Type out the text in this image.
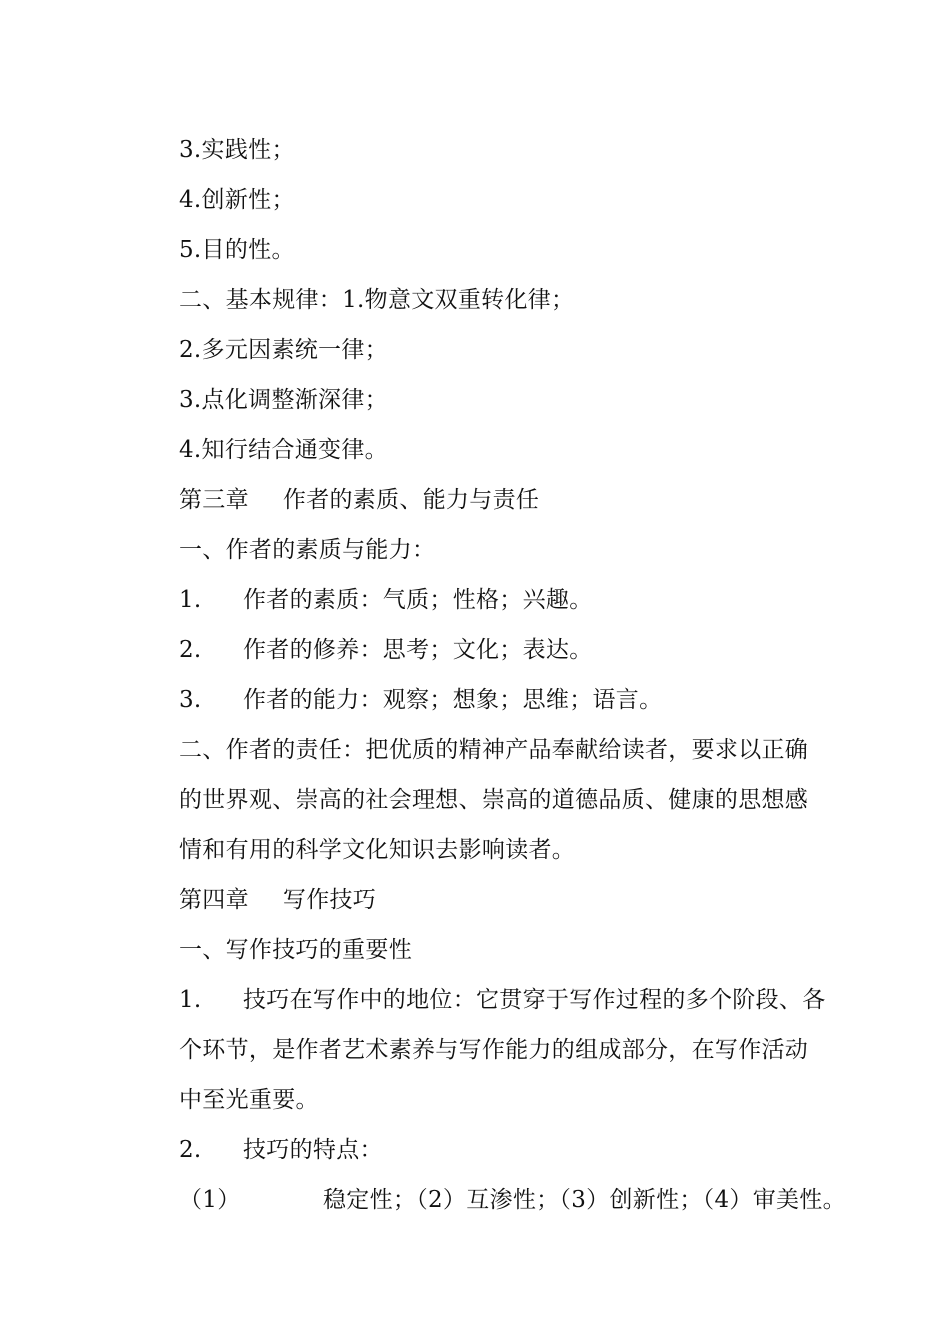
3.实践性；
4.创新性；
5.目的性。
二、基本规律：1.物意文双重转化律；
2.多元因素统一律；
3.点化调整渐深律；
4.知行结合通变律。
第三章 作者的素质、能力与责任
一、作者的素质与能力：
1. 作者的素质：气质；性格；兴趣。
2. 作者的修养：思考；文化；表达。
3. 作者的能力：观察；想象；思维；语言。
二、作者的责任：把优质的精神产品奉献给读者，要求以正确的世界观、崇高的社会理想、崇高的道德品质、健康的思想感情和有用的科学文化知识去影响读者。
第四章 写作技巧
一、写作技巧的重要性
1. 技巧在写作中的地位：它贯穿于写作过程的多个阶段、各个环节，是作者艺术素养与写作能力的组成部分，在写作活动中至光重要。
2. 技巧的特点：
（1）	稳定性；（2）互渗性；（3）创新性；（4）审美性。
